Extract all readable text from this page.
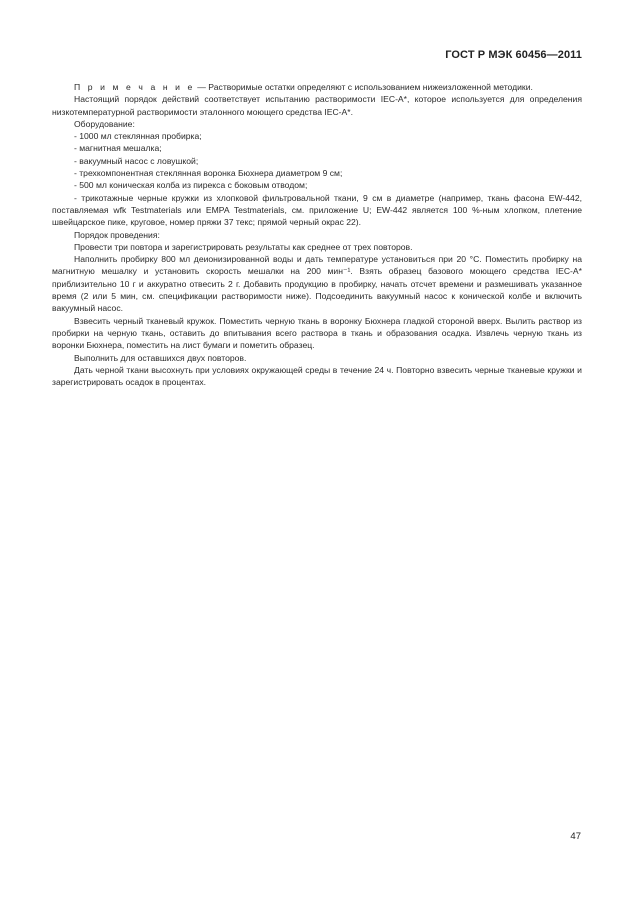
ГОСТ Р МЭК 60456—2011

П р и м е ч а н и е — Растворимые остатки определяют с использованием нижеизложенной методики.

Настоящий порядок действий соответствует испытанию растворимости IEC-A*, которое используется для определения низкотемпературной растворимости эталонного моющего средства IEC-A*.

Оборудование:

- 1000 мл стеклянная пробирка;

- магнитная мешалка;

- вакуумный насос с ловушкой;

- трехкомпонентная стеклянная воронка Бюхнера диаметром 9 см;

- 500 мл коническая колба из пирекса с боковым отводом;

- трикотажные черные кружки из хлопковой фильтровальной ткани, 9 см в диаметре (например, ткань фасона EW-442, поставляемая wfk Testmaterials или EMPA Testmaterials, см. приложение U; EW-442 является 100 %-ным хлопком, плетение швейцарское пике, круговое, номер пряжи 37 текс; прямой черный окрас 22).

Порядок проведения:

Провести три повтора и зарегистрировать результаты как среднее от трех повторов.

Наполнить пробирку 800 мл деионизированной воды и дать температуре установиться при 20 °C. Поместить пробирку на магнитную мешалку и установить скорость мешалки на 200 мин⁻¹. Взять образец базового моющего средства IEC-A* приблизительно 10 г и аккуратно отвесить 2 г. Добавить продукцию в пробирку, начать отсчет времени и размешивать указанное время (2 или 5 мин, см. спецификации растворимости ниже). Подсоединить вакуумный насос к конической колбе и включить вакуумный насос.

Взвесить черный тканевый кружок. Поместить черную ткань в воронку Бюхнера гладкой стороной вверх. Вылить раствор из пробирки на черную ткань, оставить до впитывания всего раствора в ткань и образования осадка. Извлечь черную ткань из воронки Бюхнера, поместить на лист бумаги и пометить образец.

Выполнить для оставшихся двух повторов.

Дать черной ткани высохнуть при условиях окружающей среды в течение 24 ч. Повторно взвесить черные тканевые кружки и зарегистрировать осадок в процентах.

47
